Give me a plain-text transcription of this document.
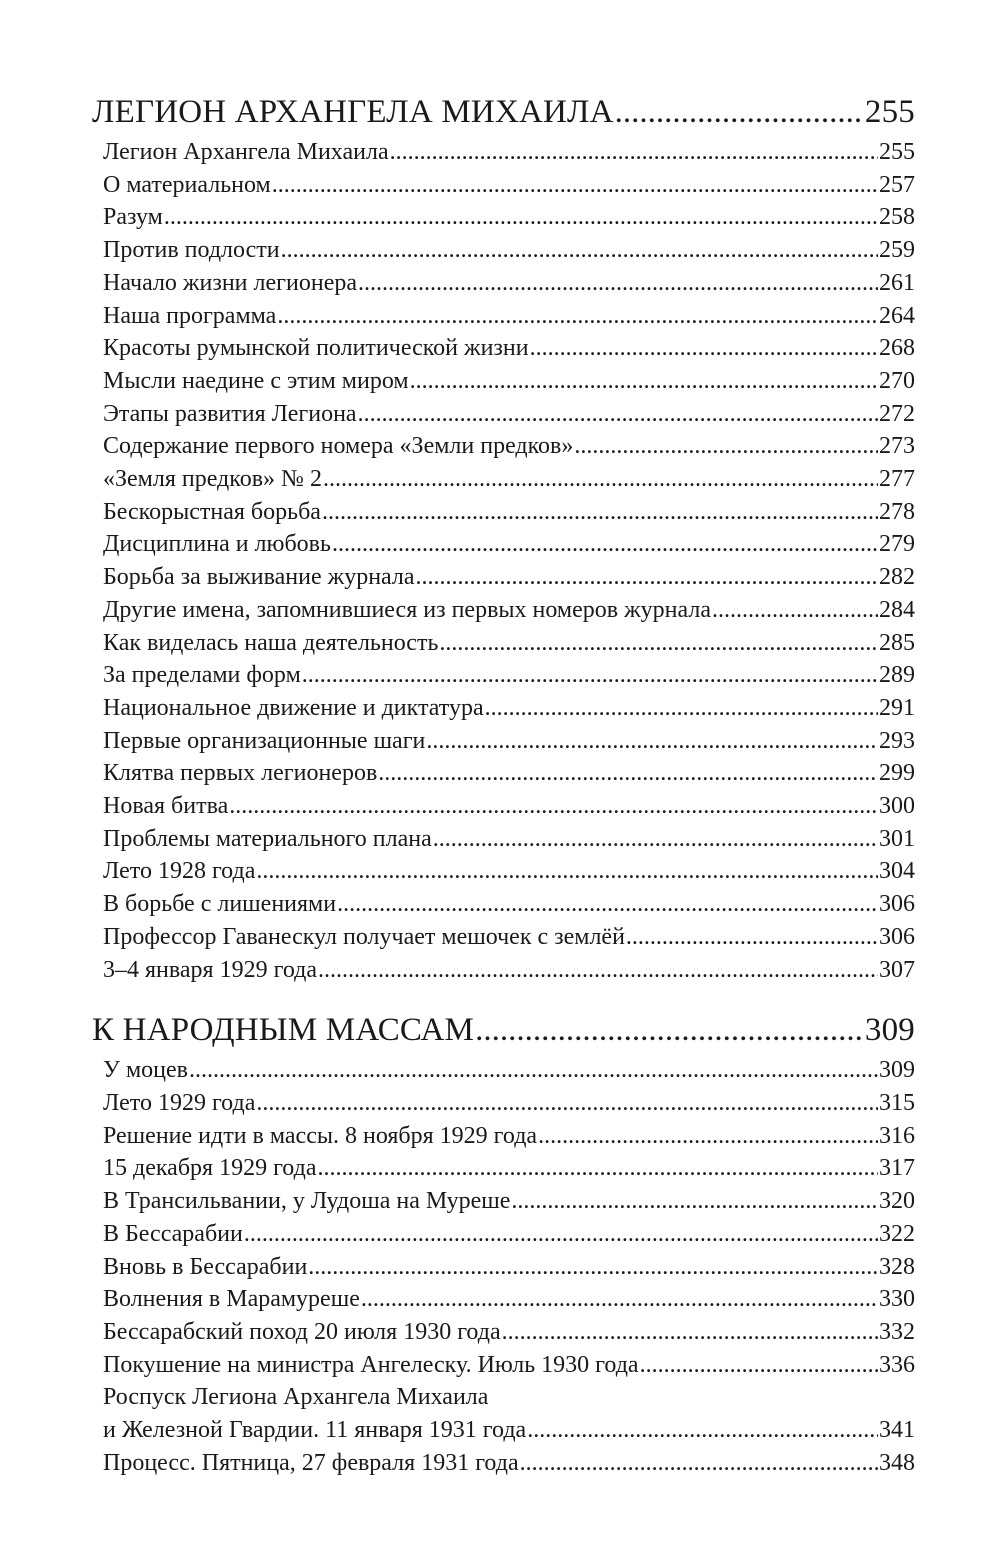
ЛЕГИОН АРХАНГЕЛА МИХАИЛА .....	255
Легион Архангела Михаила .....	255
О материальном .....	257
Разум .....	258
Против подлости .....	259
Начало жизни легионера .....	261
Наша программа .....	264
Красоты румынской политической жизни .....	268
Мысли наедине с этим миром .....	270
Этапы развития Легиона .....	272
Содержание первого номера «Земли предков» .....	273
«Земля предков» № 2 .....	277
Бескорыстная борьба .....	278
Дисциплина и любовь .....	279
Борьба за выживание журнала .....	282
Другие имена, запомнившиеся из первых номеров журнала .....	284
Как виделась наша деятельность .....	285
За пределами форм .....	289
Национальное движение и диктатура .....	291
Первые организационные шаги .....	293
Клятва первых легионеров .....	299
Новая битва .....	300
Проблемы материального плана .....	301
Лето 1928 года .....	304
В борьбе с лишениями .....	306
Профессор Гаванескул получает мешочек с землёй .....	306
3–4 января 1929 года .....	307
К НАРОДНЫМ МАССАМ .....	309
У моцев .....	309
Лето 1929 года .....	315
Решение идти в массы. 8 ноября 1929 года .....	316
15 декабря 1929 года .....	317
В Трансильвании, у Лудоша на Муреше .....	320
В Бессарабии .....	322
Вновь в Бессарабии .....	328
Волнения в Марамуреше .....	330
Бессарабский поход 20 июля 1930 года .....	332
Покушение на министра Ангелеску. Июль 1930 года .....	336
Роспуск Легиона Архангела Михаила
и Железной Гвардии. 11 января 1931 года .....	341
Процесс. Пятница, 27 февраля 1931 года .....	348
